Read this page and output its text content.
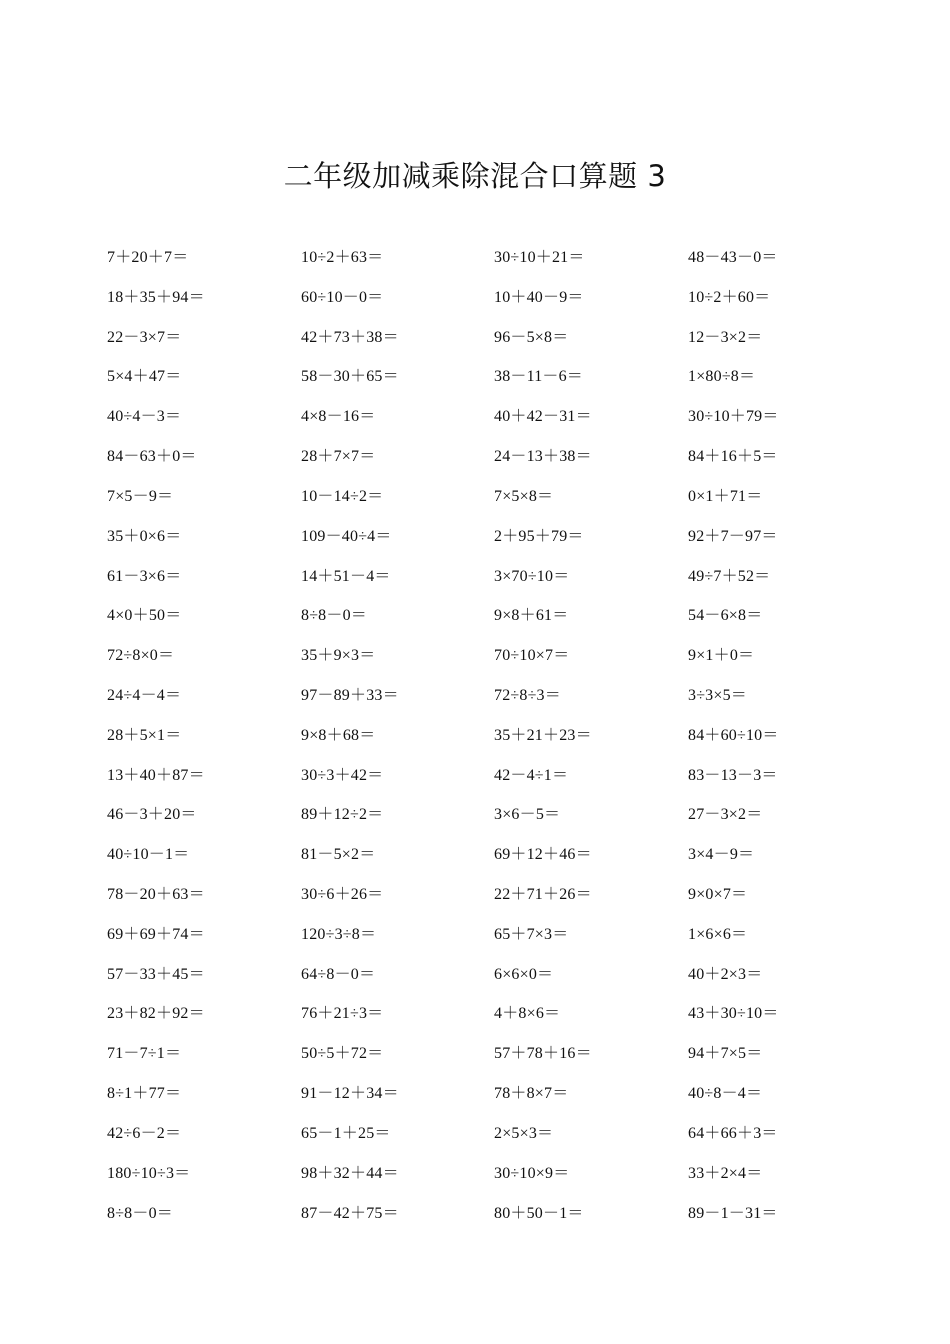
二年级加减乘除混合口算题 3
7＋20＋7＝	10÷2＋63＝	30÷10＋21＝	48－43－0＝
18＋35＋94＝	60÷10－0＝	10＋40－9＝	10÷2＋60＝
22－3×7＝	42＋73＋38＝	96－5×8＝	12－3×2＝
5×4＋47＝	58－30＋65＝	38－11－6＝	1×80÷8＝
40÷4－3＝	4×8－16＝	40＋42－31＝	30÷10＋79＝
84－63＋0＝	28＋7×7＝	24－13＋38＝	84＋16＋5＝
7×5－9＝	10－14÷2＝	7×5×8＝	0×1＋71＝
35＋0×6＝	109－40÷4＝	2＋95＋79＝	92＋7－97＝
61－3×6＝	14＋51－4＝	3×70÷10＝	49÷7＋52＝
4×0＋50＝	8÷8－0＝	9×8＋61＝	54－6×8＝
72÷8×0＝	35＋9×3＝	70÷10×7＝	9×1＋0＝
24÷4－4＝	97－89＋33＝	72÷8÷3＝	3÷3×5＝
28＋5×1＝	9×8＋68＝	35＋21＋23＝	84＋60÷10＝
13＋40＋87＝	30÷3＋42＝	42－4÷1＝	83－13－3＝
46－3＋20＝	89＋12÷2＝	3×6－5＝	27－3×2＝
40÷10－1＝	81－5×2＝	69＋12＋46＝	3×4－9＝
78－20＋63＝	30÷6＋26＝	22＋71＋26＝	9×0×7＝
69＋69＋74＝	120÷3÷8＝	65＋7×3＝	1×6×6＝
57－33＋45＝	64÷8－0＝	6×6×0＝	40＋2×3＝
23＋82＋92＝	76＋21÷3＝	4＋8×6＝	43＋30÷10＝
71－7÷1＝	50÷5＋72＝	57＋78＋16＝	94＋7×5＝
8÷1＋77＝	91－12＋34＝	78＋8×7＝	40÷8－4＝
42÷6－2＝	65－1＋25＝	2×5×3＝	64＋66＋3＝
180÷10÷3＝	98＋32＋44＝	30÷10×9＝	33＋2×4＝
8÷8－0＝	87－42＋75＝	80＋50－1＝	89－1－31＝
